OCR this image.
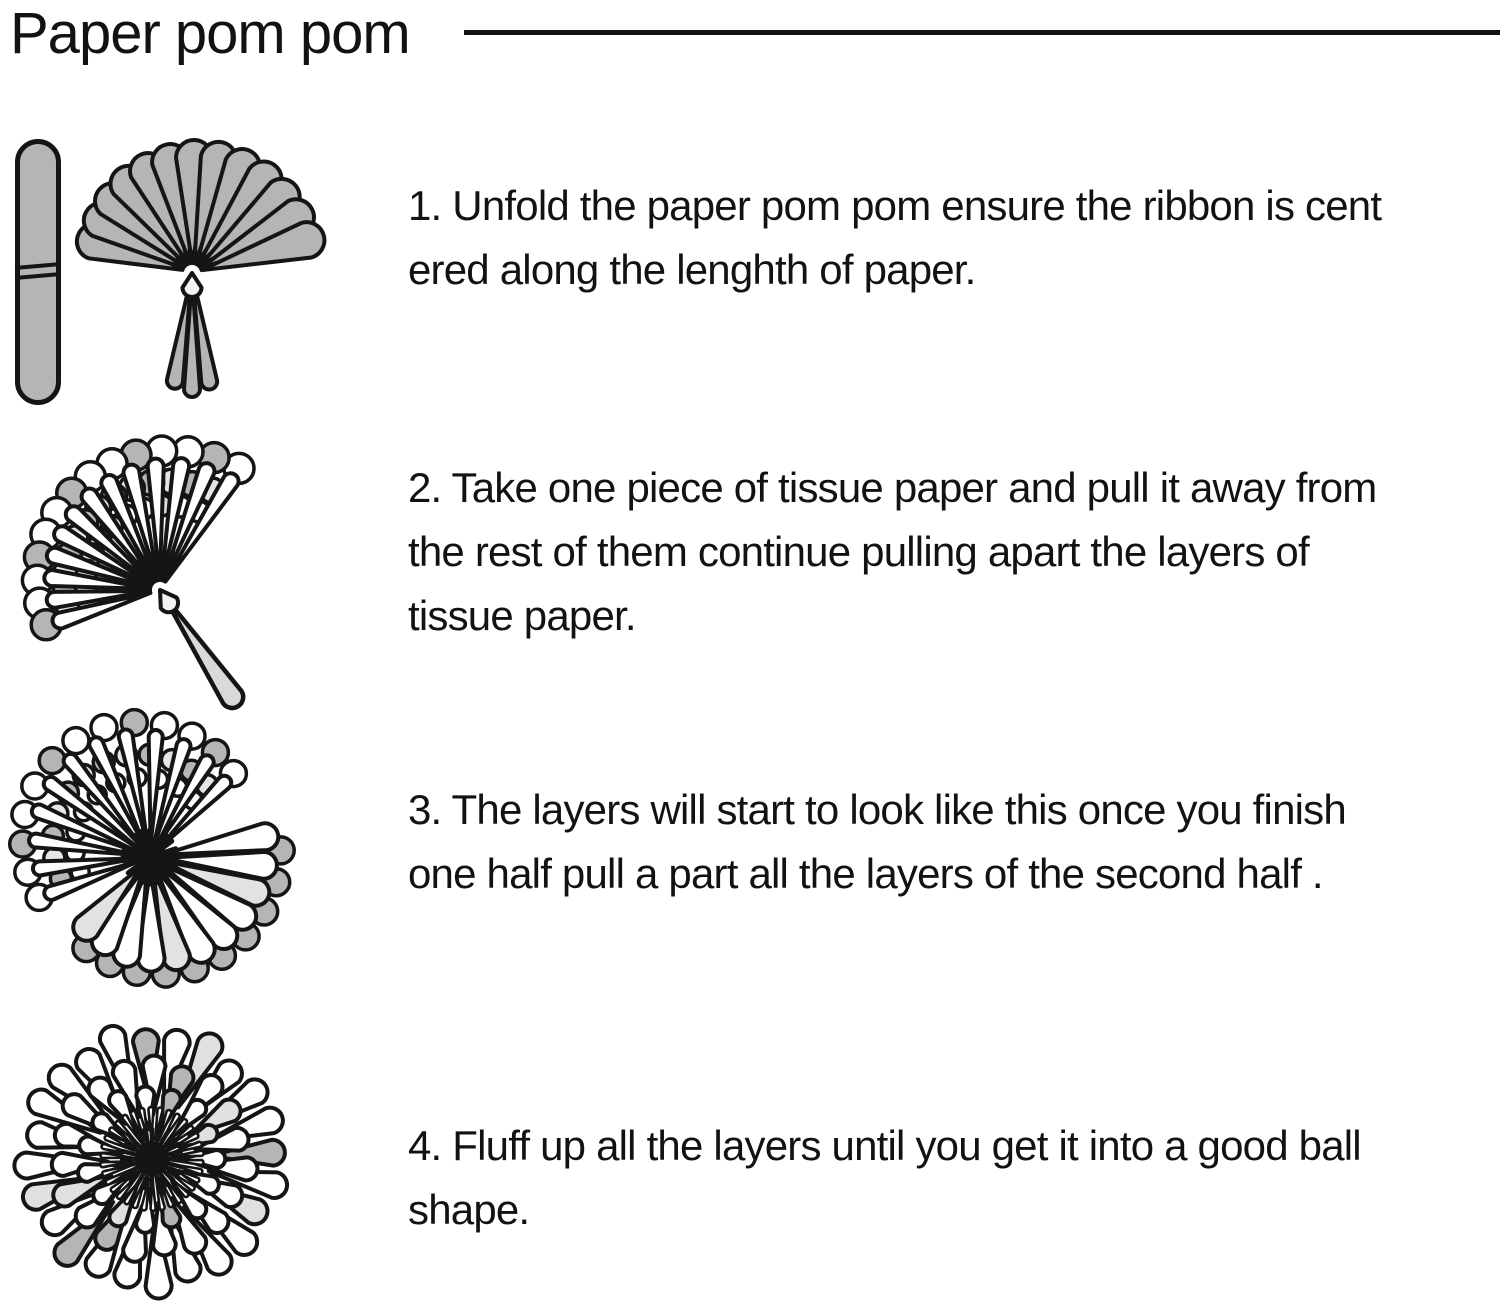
Paper pom pom
1. Unfold the paper pom pom ensure the ribbon is cent
ered along the lenghth of paper.
2. Take one piece of tissue paper and pull it away from
the rest of them continue pulling apart the layers of
tissue paper.
3. The layers will start to look like this once you finish
one half pull a part all the layers of the second half .
4. Fluff up all the layers until you get it into a good ball
shape.
